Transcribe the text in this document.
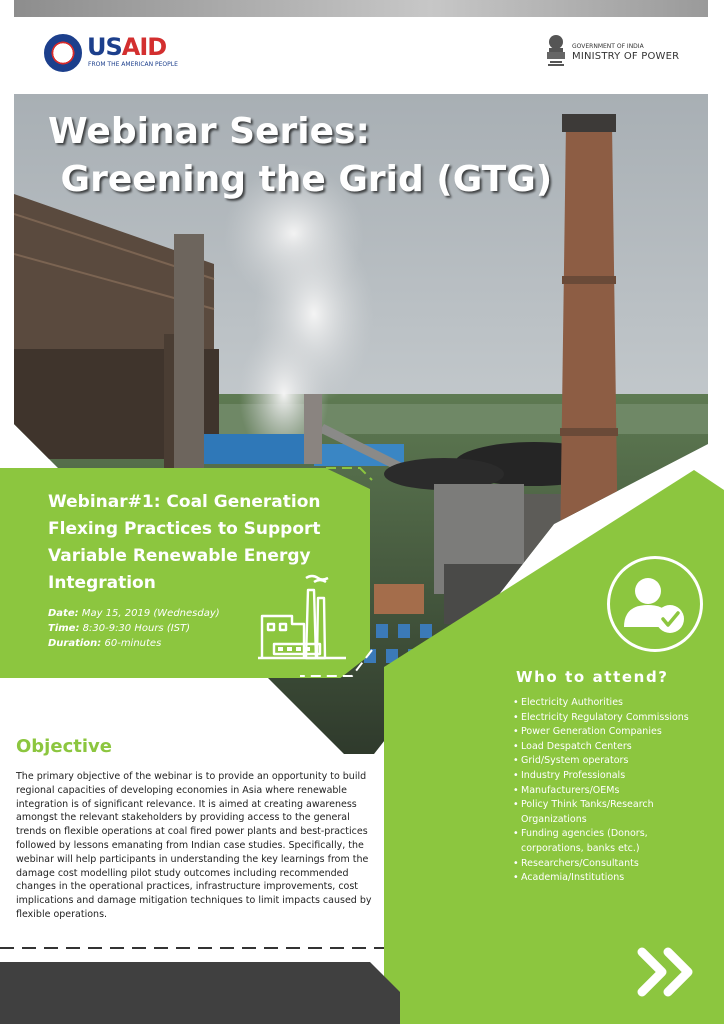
USAID
FROM THE AMERICAN PEOPLE
GOVERNMENT OF INDIA
MINISTRY OF POWER
Webinar Series:
Greening the Grid (GTG)
Webinar#1: Coal Generation Flexing Practices to Support Variable Renewable Energy Integration
Date: May 15, 2019 (Wednesday)
Time: 8:30-9:30 Hours (IST)
Duration: 60-minutes
Who to attend?
• Electricity Authorities
• Electricity Regulatory Commissions
• Power Generation Companies
• Load Despatch Centers
• Grid/System operators
• Industry Professionals
• Manufacturers/OEMs
• Policy Think Tanks/Research Organizations
• Funding agencies (Donors, corporations, banks etc.)
• Researchers/Consultants
• Academia/Institutions
Objective

The primary objective of the webinar is to provide an opportunity to build regional capacities of developing economies in Asia where renewable integration is of significant relevance. It is aimed at creating awareness amongst the relevant stakeholders by providing access to the general trends on flexible operations at coal fired power plants and best-practices followed by lessons emanating from Indian case studies. Specifically, the webinar will help participants in understanding the key learnings from the damage cost modelling pilot study outcomes including recommended changes in the operational practices, infrastructure improvements, cost implications and damage mitigation techniques to limit impacts caused by flexible operations.
